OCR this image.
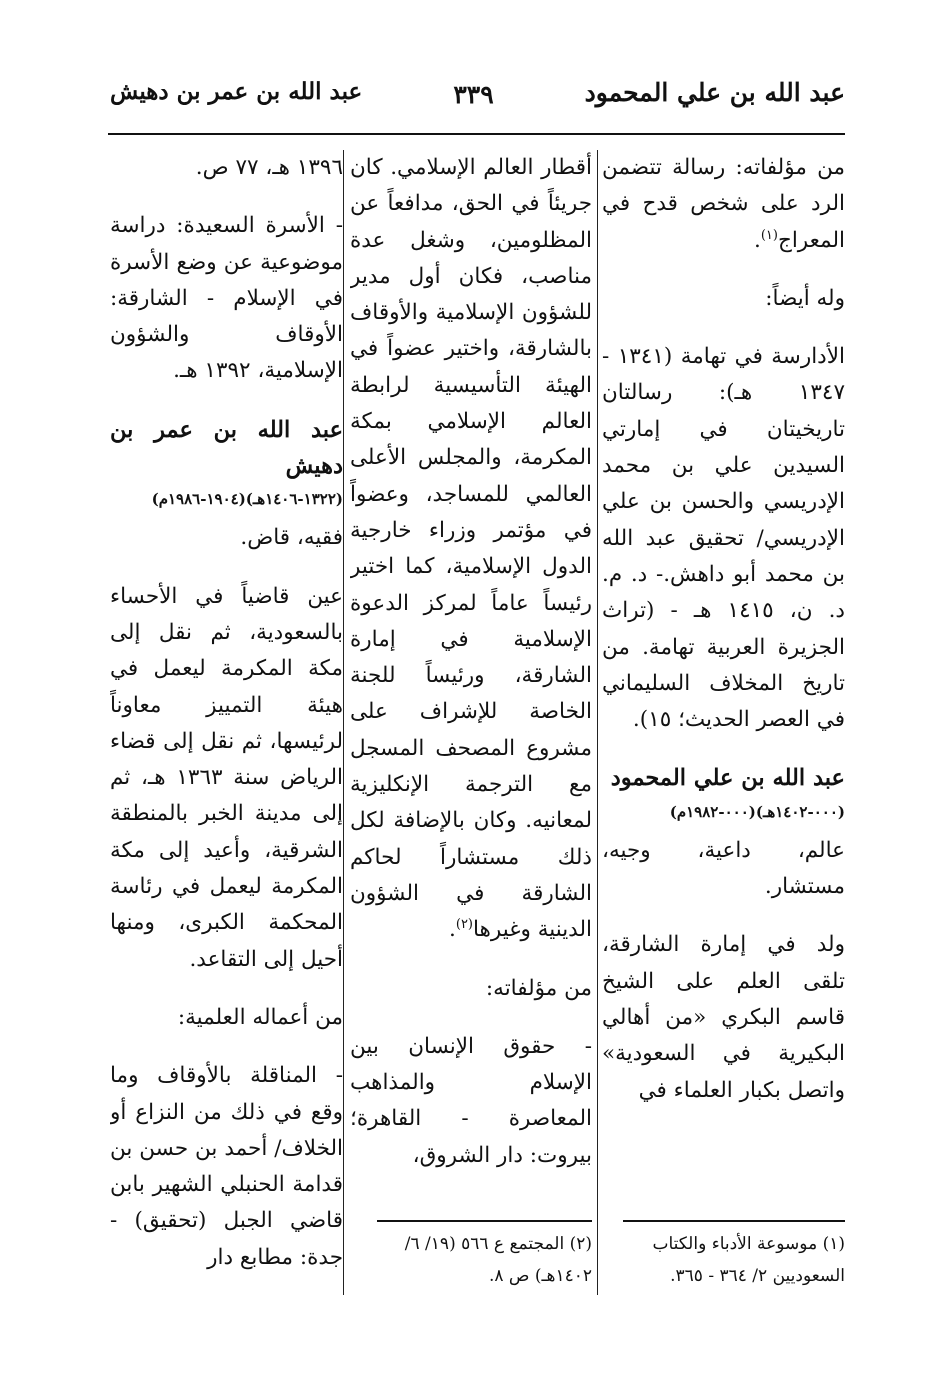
عبد الله بن علي المحمود
٣٣٩
عبد الله بن عمر بن دهيش

من مؤلفاته: رسالة تتضمن الرد على شخص قدح في المعراج$^{(١)}$.

وله أيضاً:

الأدارسة في تهامة (١٣٤١ - ١٣٤٧ هـ): رسالتان تاريخيتان في إمارتي السيدين علي بن محمد الإدريسي والحسن بن علي الإدريسي/ تحقيق عبد الله بن محمد أبو داهش.- د. م. د. ن، ١٤١٥ هـ - (تراث الجزيرة العربية تهامة. من تاريخ المخلاف السليماني في العصر الحديث؛ ١٥).

عبد الله بن علي المحمود
(٠٠٠-١٤٠٢هـ)(٠٠٠-١٩٨٢م)

عالم، داعية، وجيه، مستشار.

ولد في إمارة الشارقة، تلقى العلم على الشيخ قاسم البكري «من أهالي البكيرية في السعودية» واتصل بكبار العلماء في

أقطار العالم الإسلامي. كان جريئاً في الحق، مدافعاً عن المظلومين، وشغل عدة مناصب، فكان أول مدير للشؤون الإسلامية والأوقاف بالشارقة، واختير عضواً في الهيئة التأسيسية لرابطة العالم الإسلامي بمكة المكرمة، والمجلس الأعلى العالمي للمساجد، وعضواً في مؤتمر وزراء خارجية الدول الإسلامية، كما اختير رئيساً عاماً لمركز الدعوة الإسلامية في إمارة الشارقة، ورئيساً للجنة الخاصة للإشراف على مشروع المصحف المسجل مع الترجمة الإنكليزية لمعانيه. وكان بالإضافة لكل ذلك مستشاراً لحاكم الشارقة في الشؤون الدينية وغيرها$^{(٢)}$.

من مؤلفاته:

- حقوق الإنسان بين الإسلام والمذاهب المعاصرة - القاهرة؛ بيروت: دار الشروق،

١٣٩٦ هـ، ٧٧ ص.

- الأسرة السعيدة: دراسة موضوعية عن وضع الأسرة في الإسلام - الشارقة: الأوقاف والشؤون الإسلامية، ١٣٩٢ هـ.

عبد الله بن عمر بن دهيش
(١٣٢٢-١٤٠٦هـ)(١٩٠٤-١٩٨٦م)

فقيه، قاض.

عين قاضياً في الأحساء بالسعودية، ثم نقل إلى مكة المكرمة ليعمل في هيئة التمييز معاوناً لرئيسها، ثم نقل إلى قضاء الرياض سنة ١٣٦٣ هـ، ثم إلى مدينة الخبر بالمنطقة الشرقية، وأعيد إلى مكة المكرمة ليعمل في رئاسة المحكمة الكبرى، ومنها أحيل إلى التقاعد.

من أعماله العلمية:

- المناقلة بالأوقاف وما وقع في ذلك من النزاع أو الخلاف/ أحمد بن حسن بن قدامة الحنبلي الشهير بابن قاضي الجبل (تحقيق) - جدة: مطابع دار

(١) موسوعة الأدباء والكتاب السعوديين ٢/ ٣٦٤ - ٣٦٥.
(٢) المجتمع ع ٥٦٦ (١٩/ ٦/ ١٤٠٢هـ) ص ٨.
